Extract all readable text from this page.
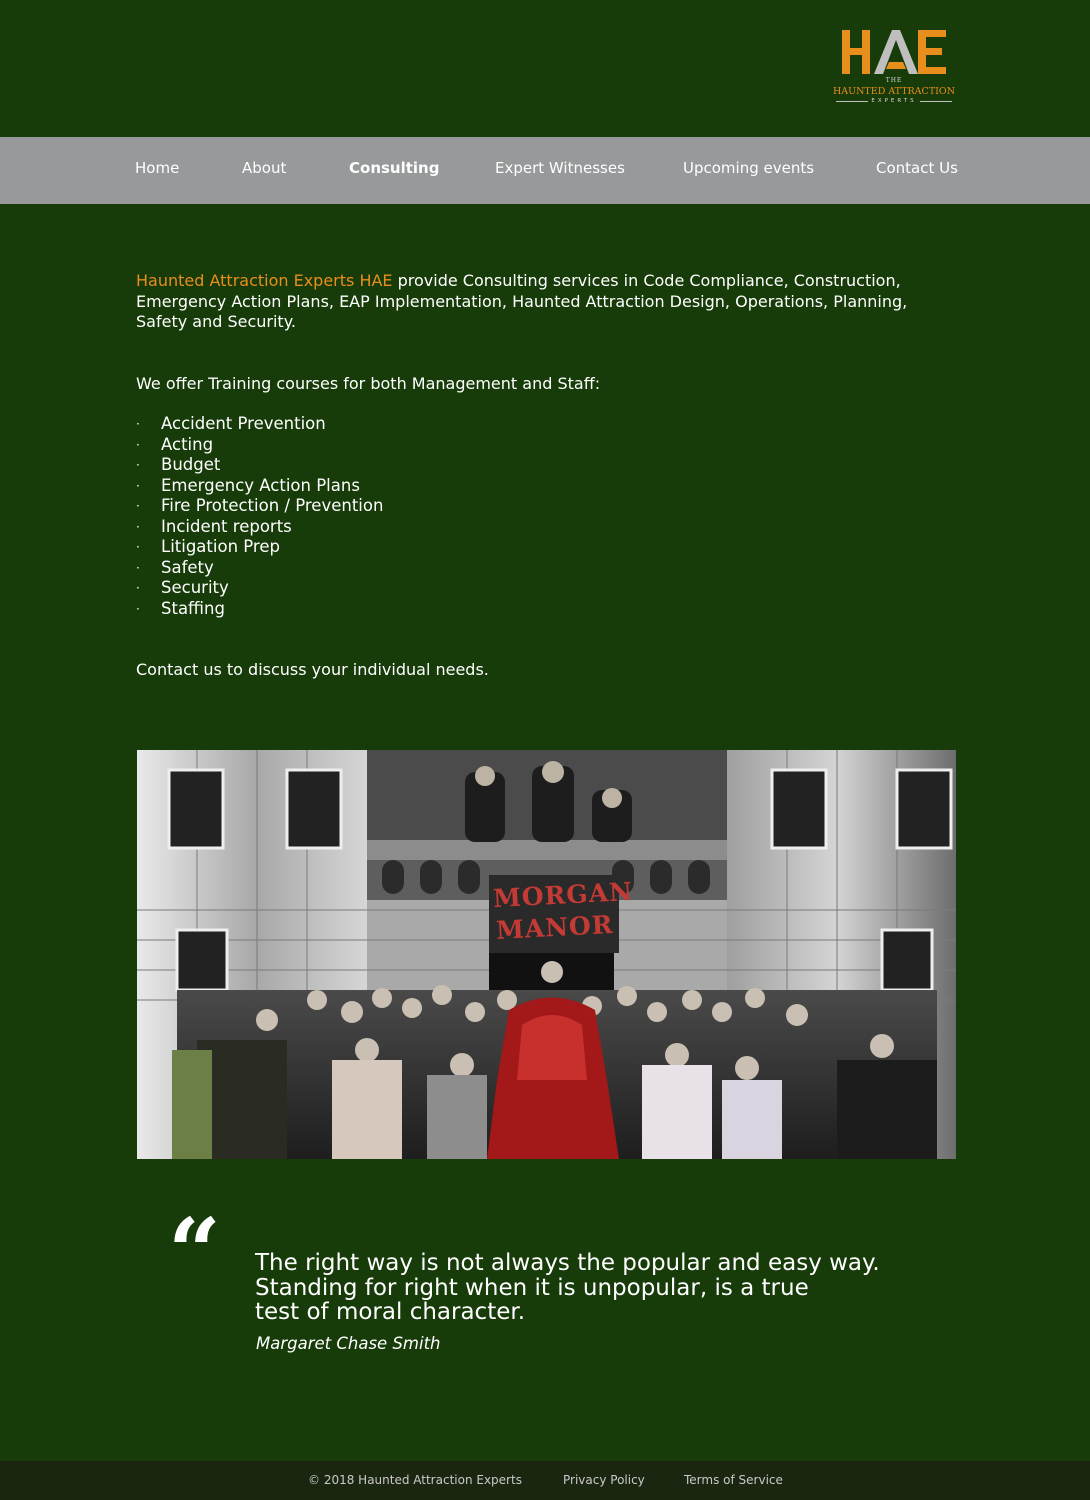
THE
HAUNTED ATTRACTION
EXPERTS
Home	About	Consulting	Expert Witnesses	Upcoming events	Contact Us

Haunted Attraction Experts HAE provide Consulting services in Code Compliance, Construction, Emergency Action Plans, EAP Implementation, Haunted Attraction Design, Operations, Planning, Safety and Security.

We offer Training courses for both Management and Staff:

·	Accident Prevention
·	Acting
·	Budget
·	Emergency Action Plans
·	Fire Protection / Prevention
·	Incident reports
·	Litigation Prep
·	Safety
·	Security
·	Staffing

Contact us to discuss your individual needs.

MORGAN
MANOR
“ The right way is not always the popular and easy way.
Standing for right when it is unpopular, is a true
test of moral character.
Margaret Chase Smith
© 2018 Haunted Attraction Experts	Privacy Policy	Terms of Service
